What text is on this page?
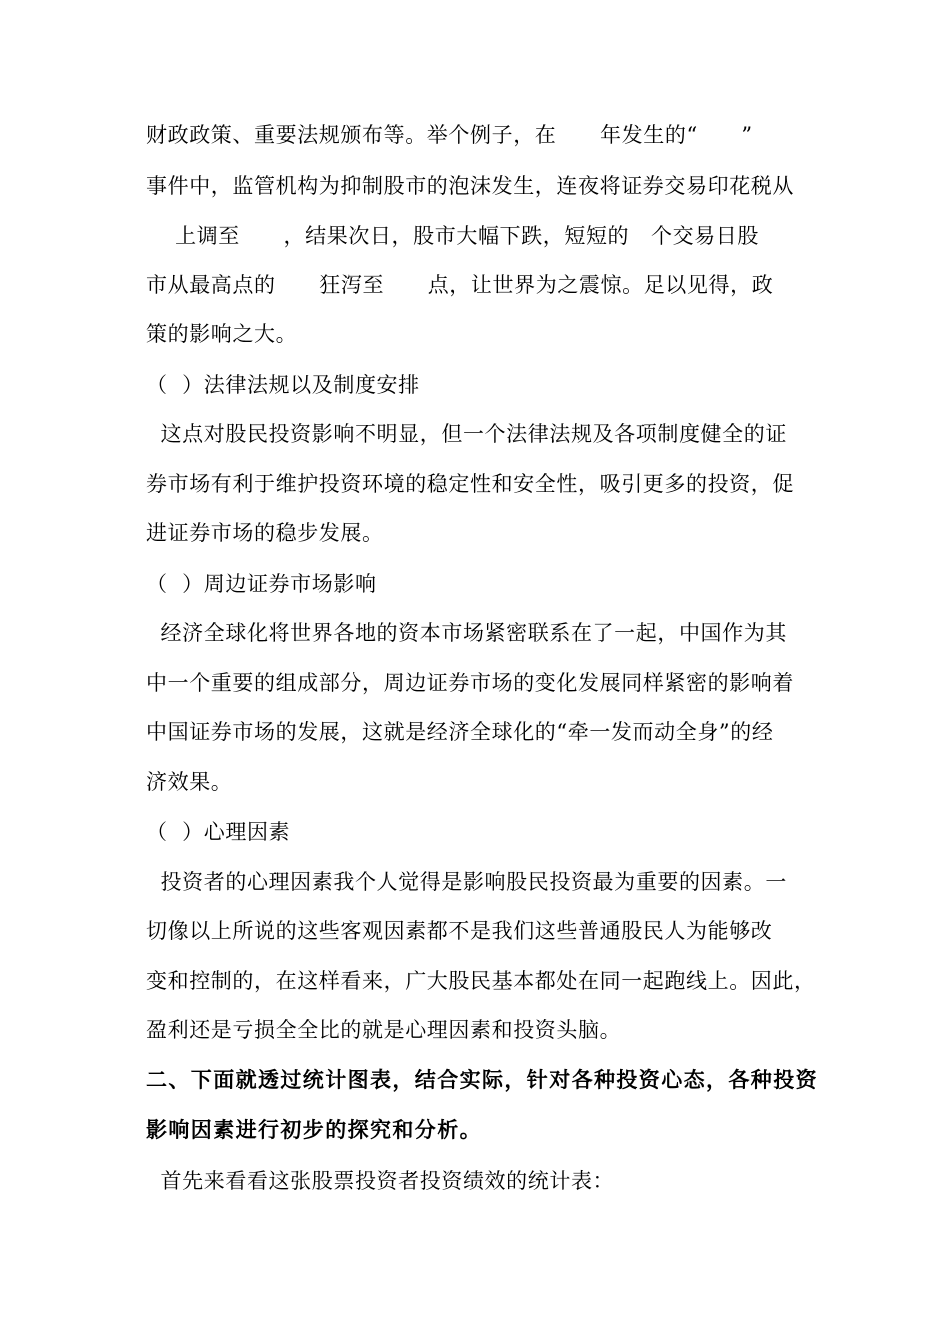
财政政策、重要法规颁布等。举个例子，在      年发生的“      ”
事件中，监管机构为抑制股市的泡沫发生，连夜将证券交易印花税从
上调至      ，结果次日，股市大幅下跌，短短的   个交易日股
市从最高点的      狂泻至      点，让世界为之震惊。足以见得，政
策的影响之大。
（  ）法律法规以及制度安排
这点对股民投资影响不明显，但一个法律法规及各项制度健全的证
券市场有利于维护投资环境的稳定性和安全性，吸引更多的投资，促
进证券市场的稳步发展。
（  ）周边证券市场影响
经济全球化将世界各地的资本市场紧密联系在了一起，中国作为其
中一个重要的组成部分，周边证券市场的变化发展同样紧密的影响着
中国证券市场的发展，这就是经济全球化的“牵一发而动全身”的经
济效果。
（  ）心理因素
投资者的心理因素我个人觉得是影响股民投资最为重要的因素。一
切像以上所说的这些客观因素都不是我们这些普通股民人为能够改
变和控制的，在这样看来，广大股民基本都处在同一起跑线上。因此，
盈利还是亏损全全比的就是心理因素和投资头脑。
二、下面就透过统计图表，结合实际，针对各种投资心态，各种投资
影响因素进行初步的探究和分析。
首先来看看这张股票投资者投资绩效的统计表：
